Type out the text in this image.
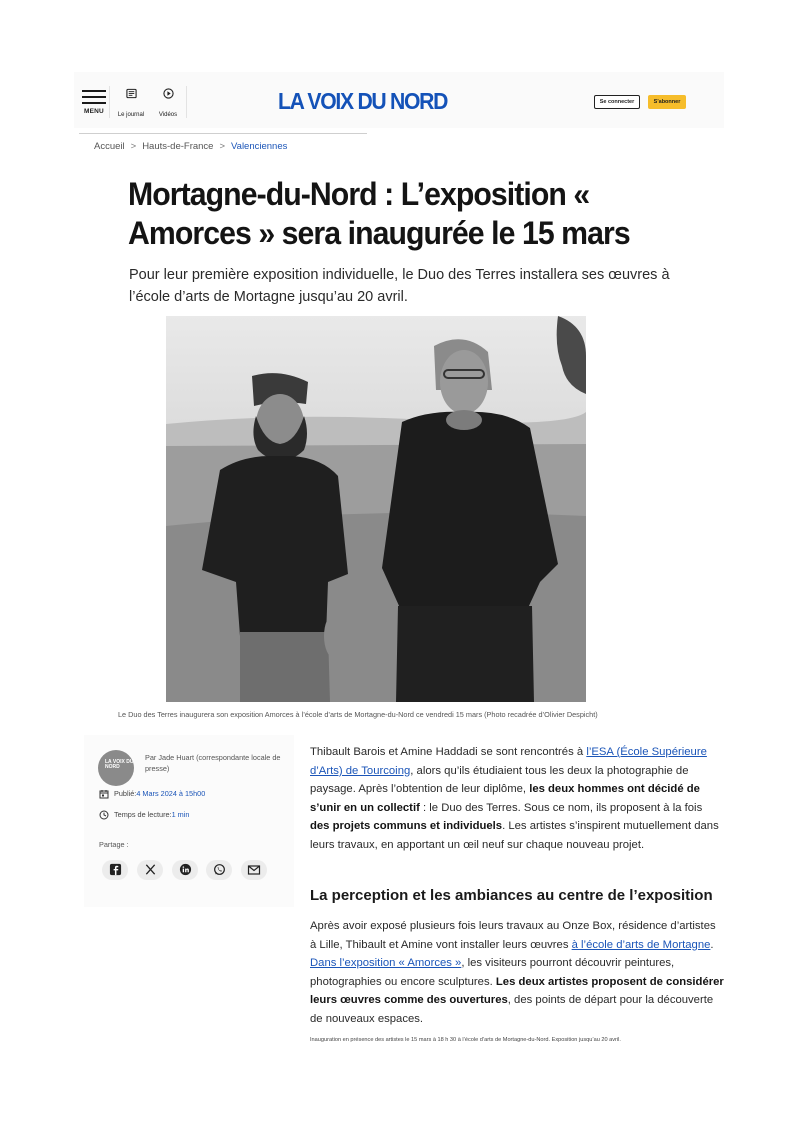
MENU	Le journal	Vidéos
LA VOIX DU NORD	Se connecter	S'abonner
Accueil > Hauts-de-France > Valenciennes
Mortagne-du-Nord : L’exposition « Amorces » sera inaugurée le 15 mars

Pour leur première exposition individuelle, le Duo des Terres installera ses œuvres à l’école d’arts de Mortagne jusqu’au 20 avril.

Le Duo des Terres inaugurera son exposition Amorces à l’école d’arts de Mortagne-du-Nord ce vendredi 15 mars (Photo recadrée d’Olivier Despicht)

LA VOIX DU NORD

Par Jade Huart (correspondante locale de presse)

Publié:4 Mars 2024 à 15h00
Temps de lecture:1 min
Partage :

Thibault Barois et Amine Haddadi se sont rencontrés à l’ESA (École Supérieure d’Arts) de Tourcoing, alors qu’ils étudiaient tous les deux la photographie de paysage. Après l’obtention de leur diplôme, les deux hommes ont décidé de s’unir en un collectif : le Duo des Terres. Sous ce nom, ils proposent à la fois des projets communs et individuels. Les artistes s’inspirent mutuellement dans leurs travaux, en apportant un œil neuf sur chaque nouveau projet.

La perception et les ambiances au centre de l’exposition

Après avoir exposé plusieurs fois leurs travaux au Onze Box, résidence d’artistes à Lille, Thibault et Amine vont installer leurs œuvres à l’école d’arts de Mortagne. Dans l’exposition « Amorces », les visiteurs pourront découvrir peintures, photographies ou encore sculptures. Les deux artistes proposent de considérer leurs œuvres comme des ouvertures, des points de départ pour la découverte de nouveaux espaces.

Inauguration en présence des artistes le 15 mars à 18 h 30 à l’école d’arts de Mortagne-du-Nord. Exposition jusqu’au 20 avril.
